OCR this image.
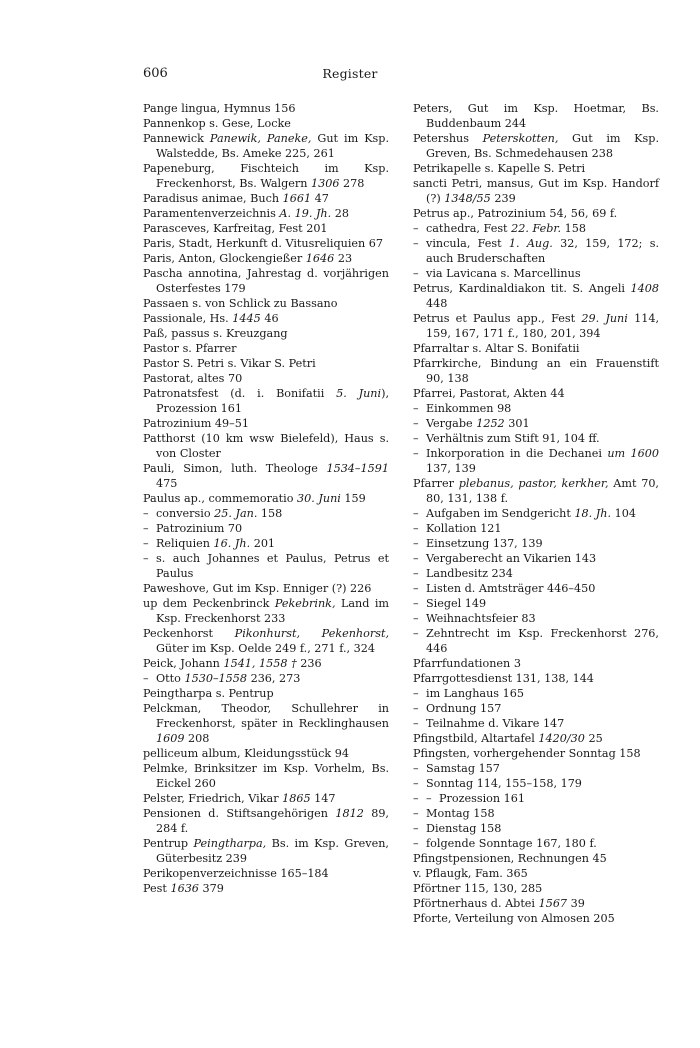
606	Register

Pange lingua, Hymnus 156

Pannenkop s. Gese, Locke

Pannewick Panewik, Paneke, Gut im Ksp. Walstedde, Bs. Ameke 225, 261

Papeneburg, Fischteich im Ksp. Freckenhorst, Bs. Walgern 1306 278

Paradisus animae, Buch 1661 47

Paramentenverzeichnis A. 19. Jh. 28

Parasceves, Karfreitag, Fest 201

Paris, Stadt, Herkunft d. Vitusreliquien 67

Paris, Anton, Glockengießer 1646 23

Pascha annotina, Jahrestag d. vorjährigen Osterfestes 179

Passaen s. von Schlick zu Bassano

Passionale, Hs. 1445 46

Paß, passus s. Kreuzgang

Pastor s. Pfarrer

Pastor S. Petri s. Vikar S. Petri

Pastorat, altes 70

Patronatsfest (d. i. Bonifatii 5. Juni), Prozession 161

Patrozinium 49–51

Patthorst (10 km wsw Bielefeld), Haus s. von Closter

Pauli, Simon, luth. Theologe 1534–1591 475

Paulus ap., commemoratio 30. Juni 159

– conversio 25. Jan. 158

– Patrozinium 70

– Reliquien 16. Jh. 201

– s. auch Johannes et Paulus, Petrus et Paulus

Paweshove, Gut im Ksp. Enniger (?) 226

up dem Peckenbrinck Pekebrink, Land im Ksp. Freckenhorst 233

Peckenhorst Pikonhurst, Pekenhorst, Güter im Ksp. Oelde 249 f., 271 f., 324

Peick, Johann 1541, 1558 † 236

– Otto 1530–1558 236, 273

Peingtharpa s. Pentrup

Pelckman, Theodor, Schullehrer in Freckenhorst, später in Recklinghausen 1609 208

pelliceum album, Kleidungsstück 94

Pelmke, Brinksitzer im Ksp. Vorhelm, Bs. Eickel 260

Pelster, Friedrich, Vikar 1865 147

Pensionen d. Stiftsangehörigen 1812 89, 284 f.

Pentrup Peingtharpa, Bs. im Ksp. Greven, Güterbesitz 239

Perikopenverzeichnisse 165–184

Pest 1636 379

Peters, Gut im Ksp. Hoetmar, Bs. Buddenbaum 244

Petershus Peterskotten, Gut im Ksp. Greven, Bs. Schmedehausen 238

Petrikapelle s. Kapelle S. Petri

sancti Petri, mansus, Gut im Ksp. Handorf (?) 1348/55 239

Petrus ap., Patrozinium 54, 56, 69 f.

– cathedra, Fest 22. Febr. 158

– vincula, Fest 1. Aug. 32, 159, 172; s. auch Bruderschaften

– via Lavicana s. Marcellinus

Petrus, Kardinaldiakon tit. S. Angeli 1408 448

Petrus et Paulus app., Fest 29. Juni 114, 159, 167, 171 f., 180, 201, 394

Pfarraltar s. Altar S. Bonifatii

Pfarrkirche, Bindung an ein Frauenstift 90, 138

Pfarrei, Pastorat, Akten 44

– Einkommen 98

– Vergabe 1252 301

– Verhältnis zum Stift 91, 104 ff.

– Inkorporation in die Dechanei um 1600 137, 139

Pfarrer plebanus, pastor, kerkher, Amt 70, 80, 131, 138 f.

– Aufgaben im Sendgericht 18. Jh. 104

– Kollation 121

– Einsetzung 137, 139

– Vergaberecht an Vikarien 143

– Landbesitz 234

– Listen d. Amtsträger 446–450

– Siegel 149

– Weihnachtsfeier 83

– Zehntrecht im Ksp. Freckenhorst 276, 446

Pfarrfundationen 3

Pfarrgottesdienst 131, 138, 144

– im Langhaus 165

– Ordnung 157

– Teilnahme d. Vikare 147

Pfingstbild, Altartafel 1420/30 25

Pfingsten, vorhergehender Sonntag 158

– Samstag 157

– Sonntag 114, 155–158, 179

– – Prozession 161

– Montag 158

– Dienstag 158

– folgende Sonntage 167, 180 f.

Pfingstpensionen, Rechnungen 45

v. Pflaugk, Fam. 365

Pförtner 115, 130, 285

Pförtnerhaus d. Abtei 1567 39

Pforte, Verteilung von Almosen 205
